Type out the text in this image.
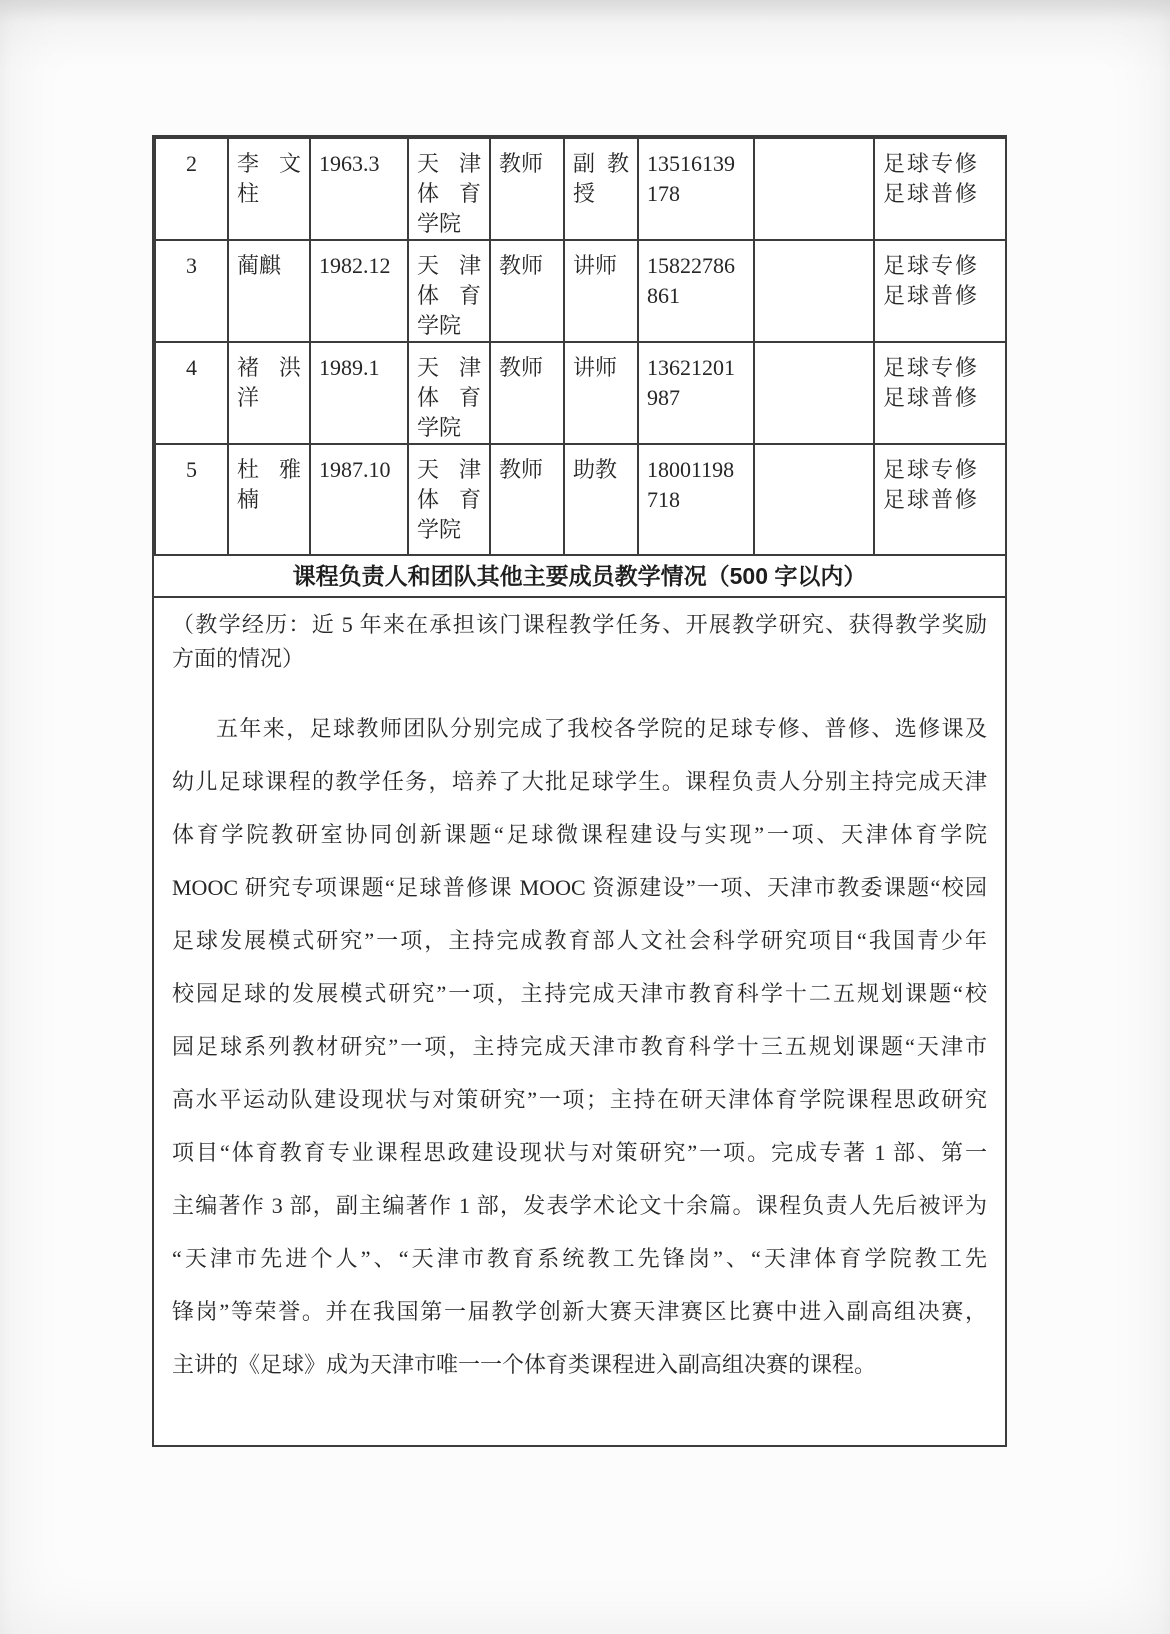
2	李文柱	1963.3	天津体育学院	教师	副教授	13516139178		足球专修
足球普修

3	蔺麒	1982.12	天津体育学院	教师	讲师	15822786861		足球专修
足球普修

4	褚洪洋	1989.1	天津体育学院	教师	讲师	13621201987		足球专修
足球普修

5	杜雅楠	1987.10	天津体育学院	教师	助教	18001198718		足球专修
足球普修
课程负责人和团队其他主要成员教学情况（500 字以内）
（教学经历：近 5 年来在承担该门课程教学任务、开展教学研究、获得教学奖励
方面的情况）
五年来，足球教师团队分别完成了我校各学院的足球专修、普修、选修课及
幼儿足球课程的教学任务，培养了大批足球学生。课程负责人分别主持完成天津
体育学院教研室协同创新课题“足球微课程建设与实现”一项、天津体育学院
MOOC 研究专项课题“足球普修课 MOOC 资源建设”一项、天津市教委课题“校园
足球发展模式研究”一项，主持完成教育部人文社会科学研究项目“我国青少年
校园足球的发展模式研究”一项，主持完成天津市教育科学十二五规划课题“校
园足球系列教材研究”一项，主持完成天津市教育科学十三五规划课题“天津市
高水平运动队建设现状与对策研究”一项；主持在研天津体育学院课程思政研究
项目“体育教育专业课程思政建设现状与对策研究”一项。完成专著 1 部、第一
主编著作 3 部，副主编著作 1 部，发表学术论文十余篇。课程负责人先后被评为
“天津市先进个人”、“天津市教育系统教工先锋岗”、“天津体育学院教工先
锋岗”等荣誉。并在我国第一届教学创新大赛天津赛区比赛中进入副高组决赛，
主讲的《足球》成为天津市唯一一个体育类课程进入副高组决赛的课程。
